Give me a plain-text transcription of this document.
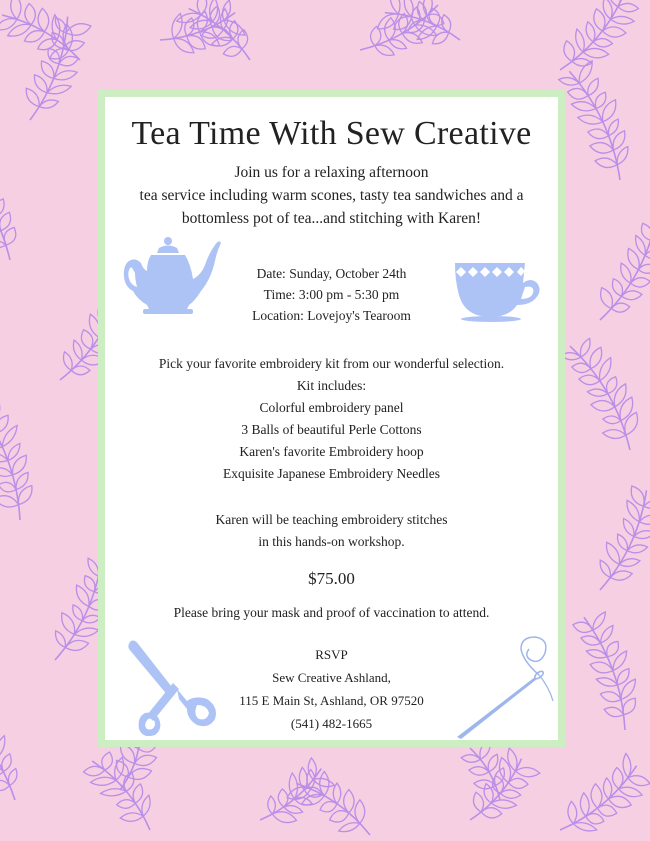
Tea Time With Sew Creative
Join us for a relaxing afternoon
tea service including warm scones, tasty tea sandwiches and a
bottomless pot of tea...and stitching with Karen!
Date: Sunday, October 24th
Time: 3:00 pm - 5:30 pm
Location: Lovejoy's Tearoom
Pick your favorite embroidery kit from our wonderful selection.
Kit includes:
Colorful embroidery panel
3 Balls of beautiful Perle Cottons
Karen's favorite Embroidery hoop
Exquisite Japanese Embroidery Needles
Karen will be teaching embroidery stitches
in this hands-on workshop.
$75.00
Please bring your mask and proof of vaccination to attend.
RSVP
Sew Creative Ashland,
115 E Main St, Ashland, OR 97520
(541) 482-1665
